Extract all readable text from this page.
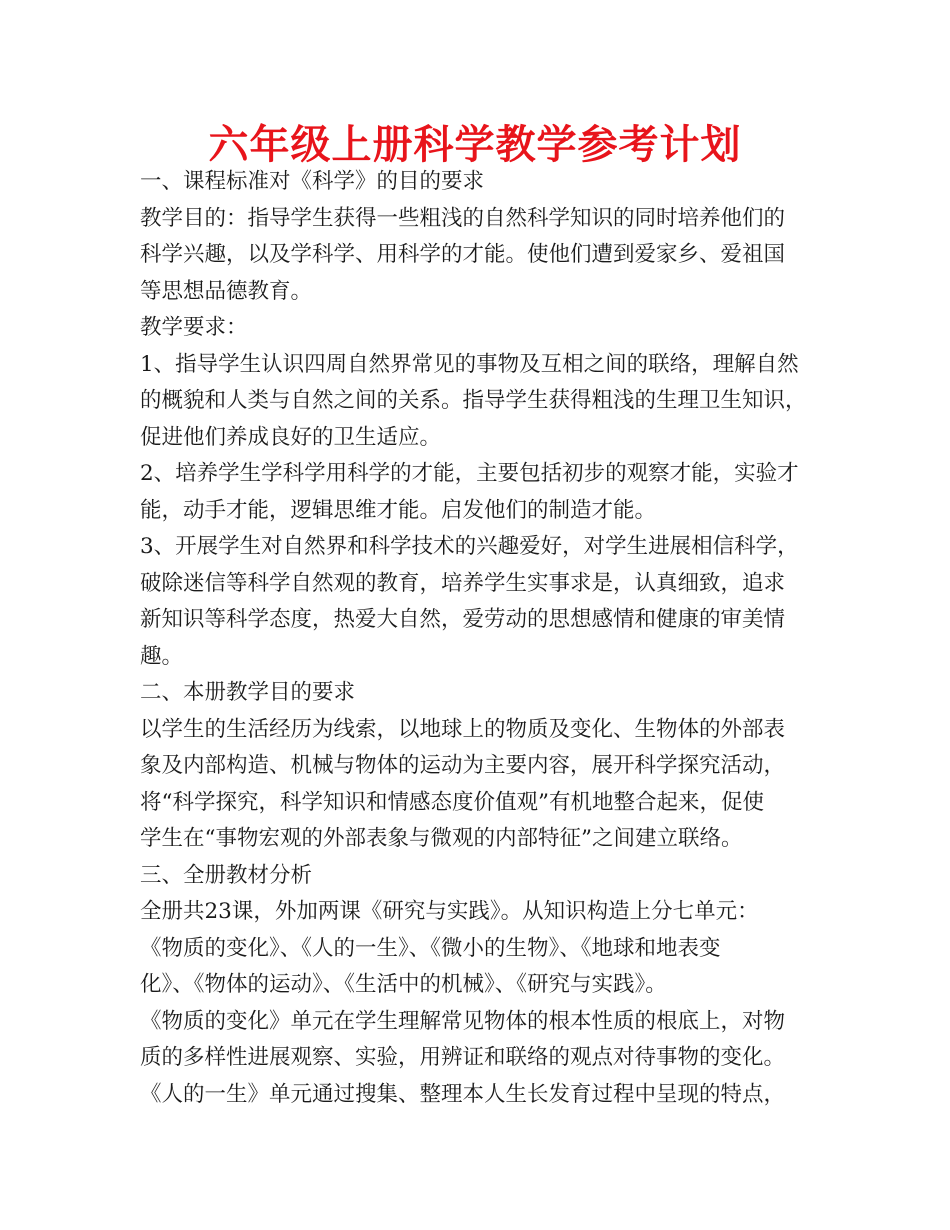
六年级上册科学教学参考计划
一、课程标准对《科学》的目的要求
教学目的：指导学生获得一些粗浅的自然科学知识的同时培养他们的
科学兴趣，以及学科学、用科学的才能。使他们遭到爱家乡、爱祖国
等思想品德教育。
教学要求：
1、指导学生认识四周自然界常见的事物及互相之间的联络，理解自然
的概貌和人类与自然之间的关系。指导学生获得粗浅的生理卫生知识，
促进他们养成良好的卫生适应。
2、培养学生学科学用科学的才能，主要包括初步的观察才能，实验才
能，动手才能，逻辑思维才能。启发他们的制造才能。
3、开展学生对自然界和科学技术的兴趣爱好，对学生进展相信科学，
破除迷信等科学自然观的教育，培养学生实事求是，认真细致，追求
新知识等科学态度，热爱大自然，爱劳动的思想感情和健康的审美情
趣。
二、本册教学目的要求
以学生的生活经历为线索，以地球上的物质及变化、生物体的外部表
象及内部构造、机械与物体的运动为主要内容，展开科学探究活动，
将“科学探究，科学知识和情感态度价值观”有机地整合起来，促使
学生在“事物宏观的外部表象与微观的内部特征”之间建立联络。
三、全册教材分析
全册共23课，外加两课《研究与实践》。从知识构造上分七单元：
《物质的变化》、《人的一生》、《微小的生物》、《地球和地表变
化》、《物体的运动》、《生活中的机械》、《研究与实践》。
《物质的变化》单元在学生理解常见物体的根本性质的根底上，对物
质的多样性进展观察、实验，用辨证和联络的观点对待事物的变化。
《人的一生》单元通过搜集、整理本人生长发育过程中呈现的特点，
